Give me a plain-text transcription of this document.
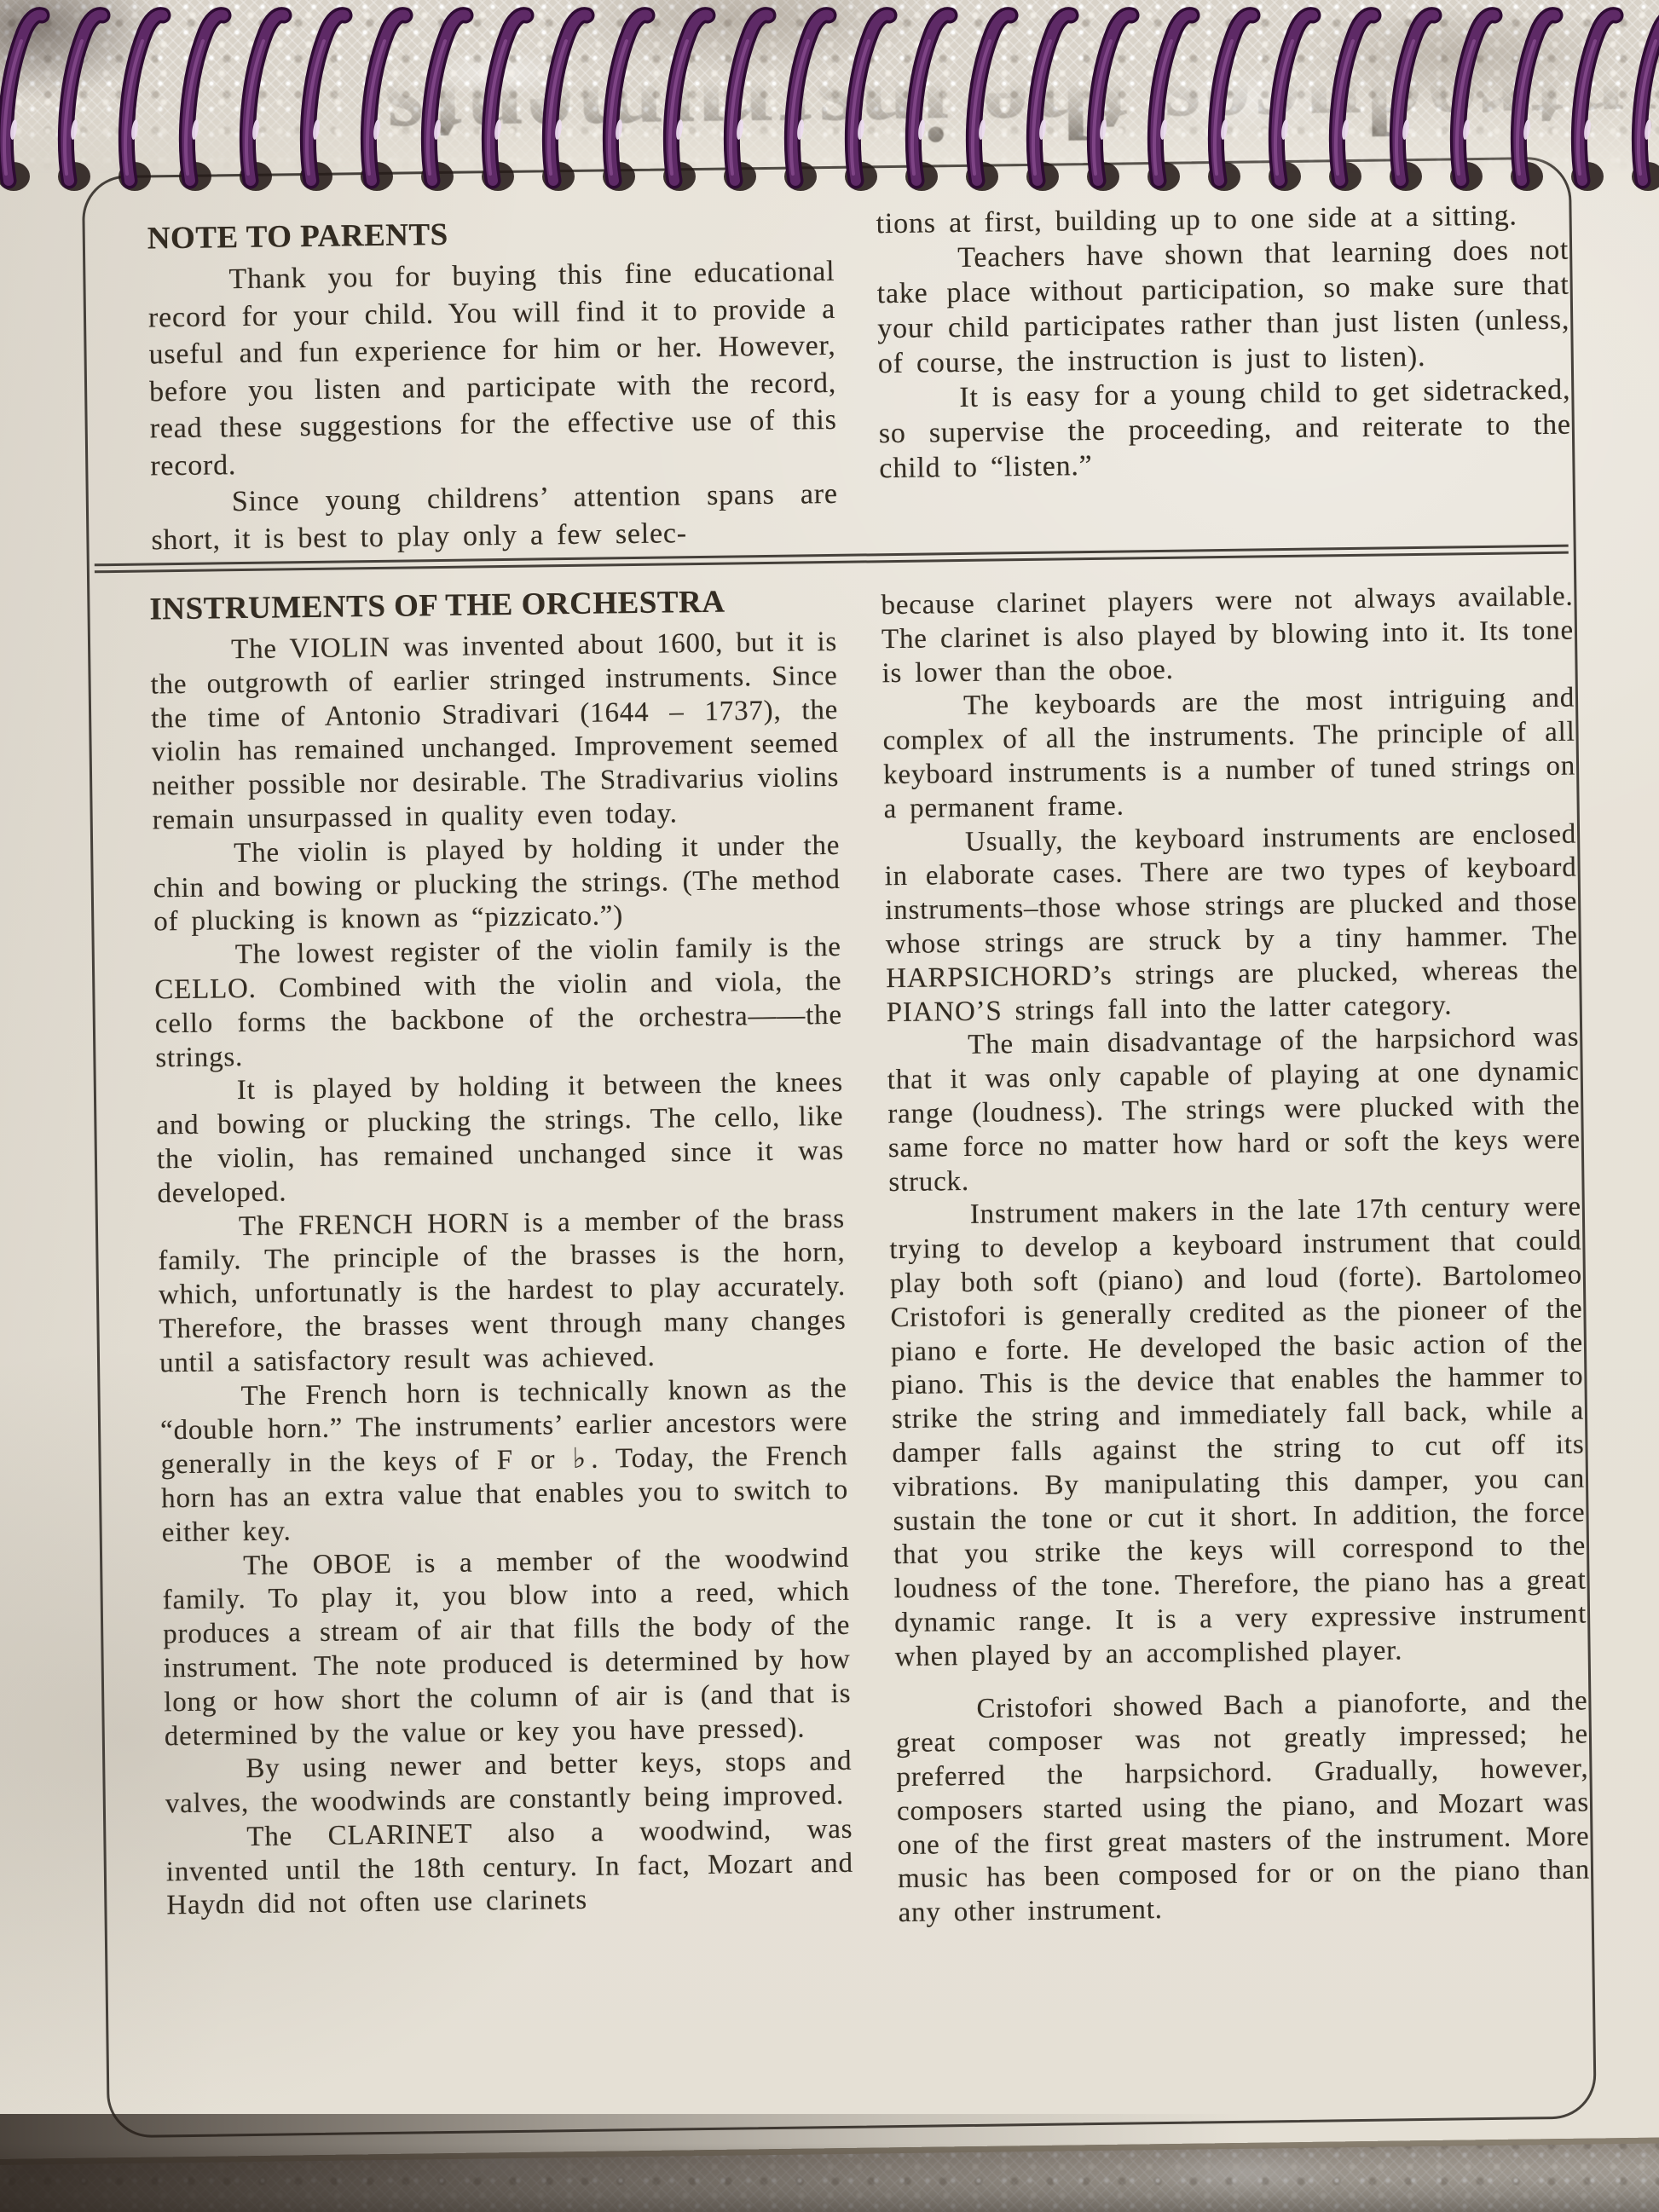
NOTE TO PARENTS

Thank you for buying this fine educational record for your child. You will find it to provide a useful and fun experience for him or her. However, before you listen and participate with the record, read these suggestions for the effective use of this record.

Since young childrens’ attention spans are short, it is best to play only a few selec-

tions at first, building up to one side at a sitting.

Teachers have shown that learning does not take place without participation, so make sure that your child participates rather than just listen (unless, of course, the instruction is just to listen).

It is easy for a young child to get sidetracked, so supervise the proceeding, and reiterate to the child to “listen.”

INSTRUMENTS OF THE ORCHESTRA

The VIOLIN was invented about 1600, but it is the outgrowth of earlier stringed instruments. Since the time of Antonio Stradivari (1644 – 1737), the violin has remained unchanged. Improvement seemed neither possible nor desirable. The Stradivarius violins remain unsurpassed in quality even today.

The violin is played by holding it under the chin and bowing or plucking the strings. (The method of plucking is known as “pizzicato.”)

The lowest register of the violin family is the CELLO. Combined with the violin and viola, the cello forms the backbone of the orchestra——the strings.

It is played by holding it between the knees and bowing or plucking the strings. The cello, like the violin, has remained unchanged since it was developed.

The FRENCH HORN is a member of the brass family. The principle of the brasses is the horn, which, unfortunatly is the hardest to play accurately. Therefore, the brasses went through many changes until a satisfactory result was achieved.

The French horn is technically known as the “double horn.” The instruments’ earlier ancestors were generally in the keys of F or ♭. Today, the French horn has an extra value that enables you to switch to either key.

The OBOE is a member of the woodwind family. To play it, you blow into a reed, which produces a stream of air that fills the body of the instrument. The note produced is determined by how long or how short the column of air is (and that is determined by the value or key you have pressed).

By using newer and better keys, stops and valves, the woodwinds are constantly being improved.

The CLARINET also a woodwind, was invented until the 18th century. In fact, Mozart and Haydn did not often use clarinets

because clarinet players were not always available. The clarinet is also played by blowing into it. Its tone is lower than the oboe.

The keyboards are the most intriguing and complex of all the instruments. The principle of all keyboard instruments is a number of tuned strings on a permanent frame.

Usually, the keyboard instruments are enclosed in elaborate cases. There are two types of keyboard instruments–those whose strings are plucked and those whose strings are struck by a tiny hammer. The HARPSICHORD’s strings are plucked, whereas the PIANO’S strings fall into the latter category.

The main disadvantage of the harpsichord was that it was only capable of playing at one dynamic range (loudness). The strings were plucked with the same force no matter how hard or soft the keys were struck.

Instrument makers in the late 17th century were trying to develop a keyboard instrument that could play both soft (piano) and loud (forte). Bartolomeo Cristofori is generally credited as the pioneer of the piano e forte. He developed the basic action of the piano. This is the device that enables the hammer to strike the string and immediately fall back, while a damper falls against the string to cut off its vibrations. By manipulating this damper, you can sustain the tone or cut it short. In addition, the force that you strike the keys will correspond to the loudness of the tone. Therefore, the piano has a great dynamic range. It is a very expressive instrument when played by an accomplished player.

Cristofori showed Bach a pianoforte, and the great composer was not greatly impressed; he preferred the harpsichord. Gradually, however, composers started using the piano, and Mozart was one of the first great masters of the instrument. More music has been composed for or on the piano than any other instrument.
